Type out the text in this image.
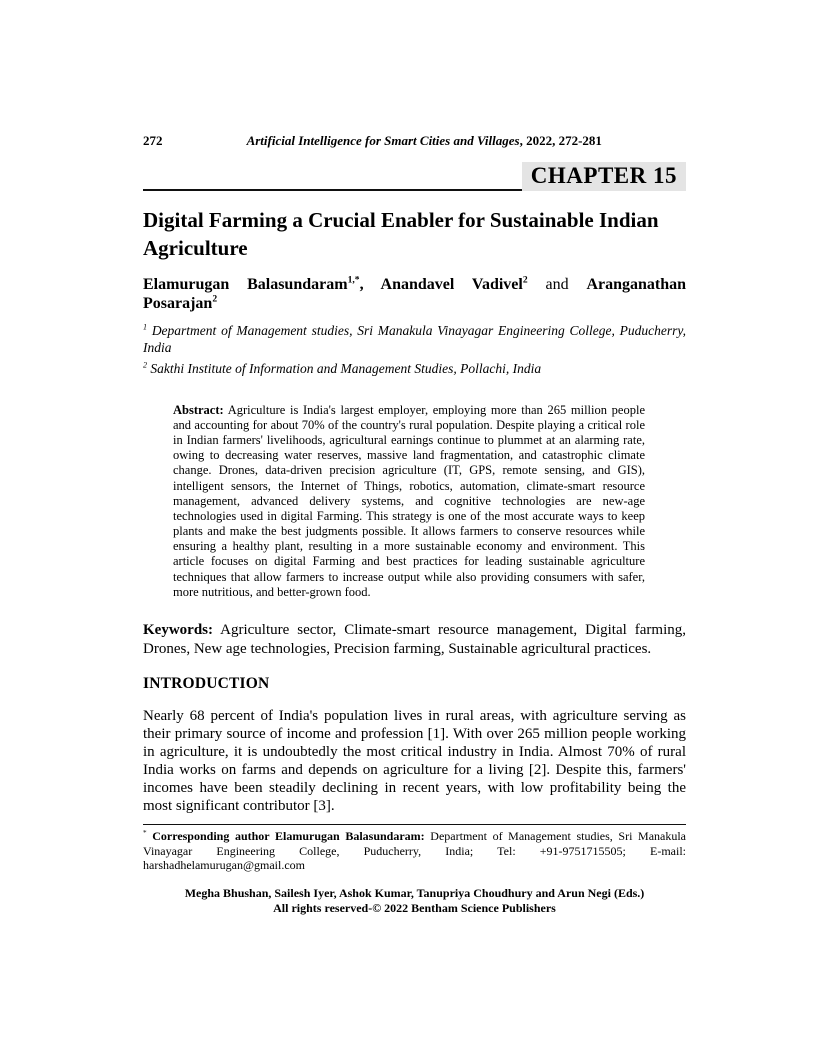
272	Artificial Intelligence for Smart Cities and Villages, 2022, 272-281
CHAPTER 15
Digital Farming a Crucial Enabler for Sustainable Indian Agriculture

Elamurugan Balasundaram$^{1,*}$, Anandavel Vadivel$^2$ and Aranganathan Posarajan$^2$

$^1$ Department of Management studies, Sri Manakula Vinayagar Engineering College, Puducherry, India

$^2$ Sakthi Institute of Information and Management Studies, Pollachi, India

Abstract: Agriculture is India's largest employer, employing more than 265 million people and accounting for about 70% of the country's rural population. Despite playing a critical role in Indian farmers' livelihoods, agricultural earnings continue to plummet at an alarming rate, owing to decreasing water reserves, massive land fragmentation, and catastrophic climate change. Drones, data-driven precision agriculture (IT, GPS, remote sensing, and GIS), intelligent sensors, the Internet of Things, robotics, automation, climate-smart resource management, advanced delivery systems, and cognitive technologies are new-age technologies used in digital Farming. This strategy is one of the most accurate ways to keep plants and make the best judgments possible. It allows farmers to conserve resources while ensuring a healthy plant, resulting in a more sustainable economy and environment. This article focuses on digital Farming and best practices for leading sustainable agriculture techniques that allow farmers to increase output while also providing consumers with safer, more nutritious, and better-grown food.

Keywords: Agriculture sector, Climate-smart resource management, Digital farming, Drones, New age technologies, Precision farming, Sustainable agricultural practices.

INTRODUCTION

Nearly 68 percent of India's population lives in rural areas, with agriculture serving as their primary source of income and profession [1]. With over 265 million people working in agriculture, it is undoubtedly the most critical industry in India. Almost 70% of rural India works on farms and depends on agriculture for a living [2]. Despite this, farmers' incomes have been steadily declining in recent years, with low profitability being the most significant contributor [3].

* Corresponding author Elamurugan Balasundaram: Department of Management studies, Sri Manakula Vinayagar Engineering College, Puducherry, India; Tel: +91-9751715505; E-mail: harshadhelamurugan@gmail.com
Megha Bhushan, Sailesh Iyer, Ashok Kumar, Tanupriya Choudhury and Arun Negi (Eds.)
All rights reserved-© 2022 Bentham Science Publishers
